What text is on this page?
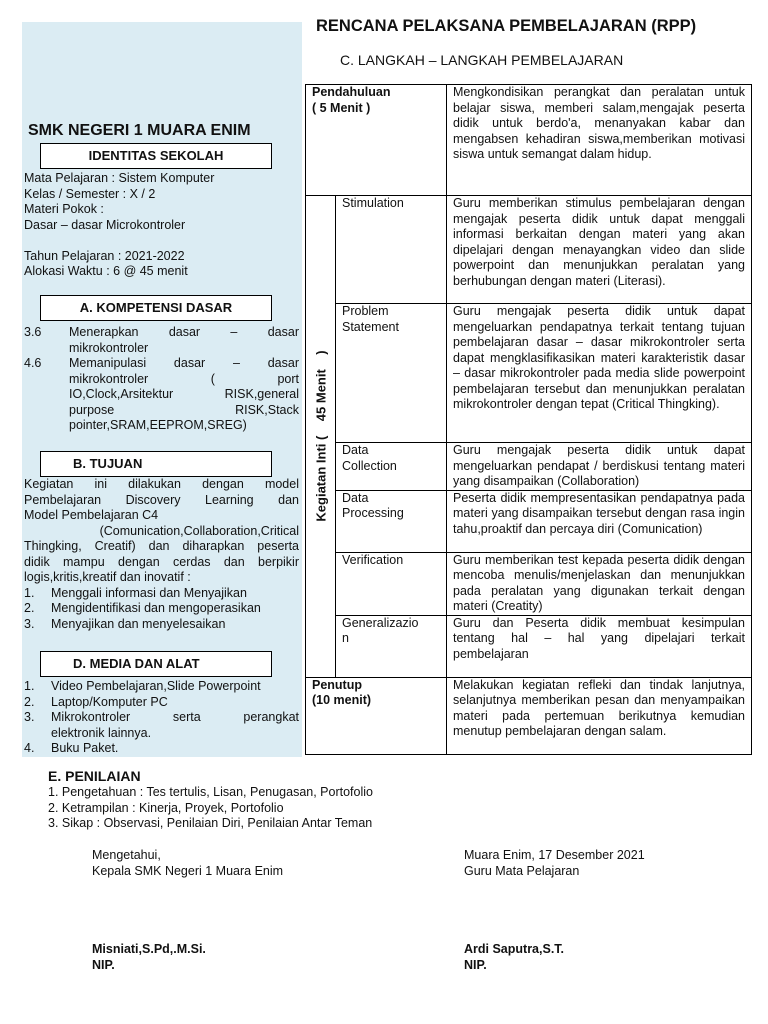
RENCANA PELAKSANA PEMBELAJARAN (RPP)
C. LANGKAH – LANGKAH PEMBELAJARAN
SMK NEGERI 1 MUARA ENIM
IDENTITAS SEKOLAH
Mata Pelajaran : Sistem Komputer
Kelas / Semester : X / 2
Materi Pokok :
Dasar – dasar Microkontroler
Tahun Pelajaran : 2021-2022
Alokasi Waktu : 6 @ 45 menit
A. KOMPETENSI DASAR
3.6	Menerapkan dasar – dasar
mikrokontroler
4.6	Memanipulasi dasar – dasar
mikrokontroler ( port
IO,Clock,Arsitektur RISK,general
purpose RISK,Stack
pointer,SRAM,EEPROM,SREG)
B. TUJUAN
Kegiatan ini dilakukan dengan model
Pembelajaran Discovery Learning dan
Model Pembelajaran C4
(Comunication,Collaboration,Critical
Thingking, Creatif) dan diharapkan peserta
didik mampu dengan cerdas dan berpikir
logis,kritis,kreatif dan inovatif :
1.	Menggali informasi dan Menyajikan
2.	Mengidentifikasi dan mengoperasikan
3.	Menyajikan dan menyelesaikan
D. MEDIA DAN ALAT
1.	Video Pembelajaran,Slide Powerpoint
2.	Laptop/Komputer PC
3.	Mikrokontroler serta perangkat
elektronik lainnya.
4.	Buku Paket.
Pendahuluan
( 5 Menit )		Mengkondisikan perangkat dan peralatan untuk belajar siswa, memberi salam,mengajak peserta didik untuk berdo'a, menanyakan kabar dan mengabsen kehadiran siswa,memberikan motivasi siswa untuk semangat dalam hidup.

Kegiatan Inti (    45 Menit    )	Stimulation	Guru memberikan stimulus pembelajaran dengan mengajak peserta didik untuk dapat menggali informasi berkaitan dengan materi yang akan dipelajari dengan menayangkan video dan slide powerpoint dan menunjukkan peralatan yang berhubungan dengan materi (Literasi).

	Problem
Statement	Guru mengajak peserta didik untuk dapat mengeluarkan pendapatnya terkait tentang tujuan pembelajaran dasar – dasar mikrokontroler serta dapat mengklasifikasikan materi karakteristik dasar – dasar mikrokontroler pada media slide powerpoint pembelajaran tersebut dan menunjukkan peralatan mikrokontroler dengan tepat (Critical Thingking).

	Data
Collection	Guru mengajak peserta didik untuk dapat mengeluarkan pendapat / berdiskusi tentang materi yang disampaikan (Collaboration)

	Data
Processing	Peserta didik mempresentasikan pendapatnya pada materi yang disampaikan tersebut dengan rasa ingin tahu,proaktif dan percaya diri (Comunication)

	Verification	Guru memberikan test kepada peserta didik dengan mencoba menulis/menjelaskan dan menunjukkan pada peralatan yang digunakan terkait dengan materi (Creatity)

	Generalizazio
n	Guru dan Peserta didik membuat kesimpulan tentang hal – hal yang dipelajari terkait pembelajaran

Penutup
(10 menit)		Melakukan kegiatan refleki dan tindak lanjutnya, selanjutnya memberikan pesan dan menyampaikan materi pada pertemuan berikutnya kemudian menutup pembelajaran dengan salam.
E. PENILAIAN
1. Pengetahuan : Tes tertulis, Lisan, Penugasan, Portofolio
2. Ketrampilan : Kinerja, Proyek, Portofolio
3. Sikap : Observasi, Penilaian Diri, Penilaian Antar Teman
Mengetahui,
Kepala SMK Negeri 1 Muara Enim
Misniati,S.Pd,.M.Si.
NIP.
Muara Enim, 17 Desember 2021
Guru Mata Pelajaran
Ardi Saputra,S.T.
NIP.
